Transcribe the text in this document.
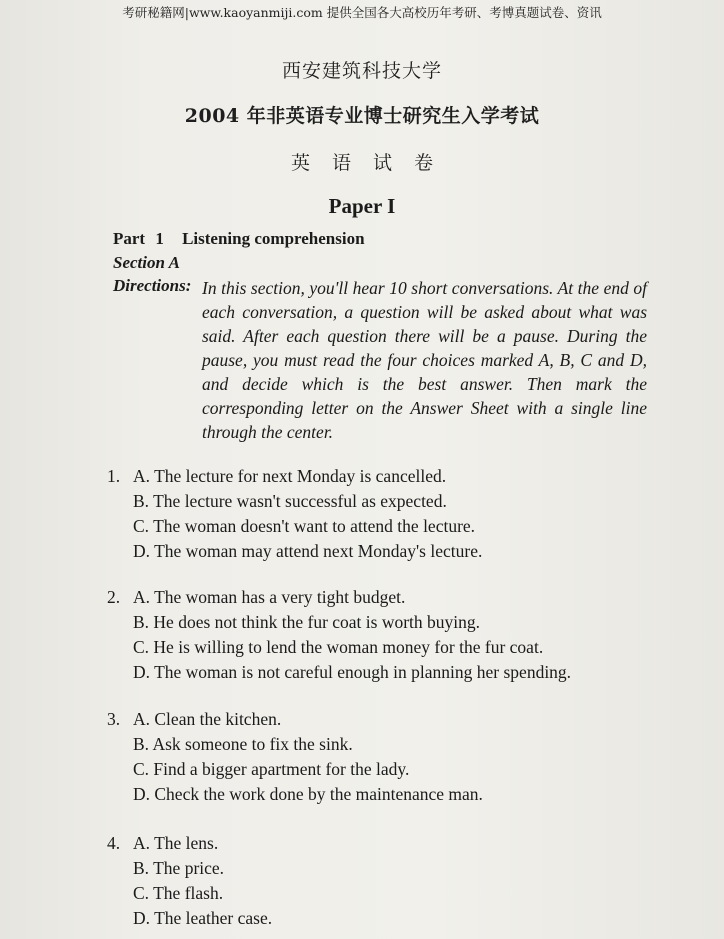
考研秘籍网|www.kaoyanmiji.com 提供全国各大高校历年考研、考博真题试卷、资讯
西安建筑科技大学
2004 年非英语专业博士研究生入学考试
英语试卷
Paper I
Part 1 Listening comprehension
Section A
Directions: In this section, you'll hear 10 short conversations. At the end of each conversation, a question will be asked about what was said. After each question there will be a pause. During the pause, you must read the four choices marked A, B, C and D, and decide which is the best answer. Then mark the corresponding letter on the Answer Sheet with a single line through the center.
1. A. The lecture for next Monday is cancelled.
B. The lecture wasn't successful as expected.
C. The woman doesn't want to attend the lecture.
D. The woman may attend next Monday's lecture.
2. A. The woman has a very tight budget.
B. He does not think the fur coat is worth buying.
C. He is willing to lend the woman money for the fur coat.
D. The woman is not careful enough in planning her spending.
3. A. Clean the kitchen.
B. Ask someone to fix the sink.
C. Find a bigger apartment for the lady.
D. Check the work done by the maintenance man.
4. A. The lens.
B. The price.
C. The flash.
D. The leather case.
